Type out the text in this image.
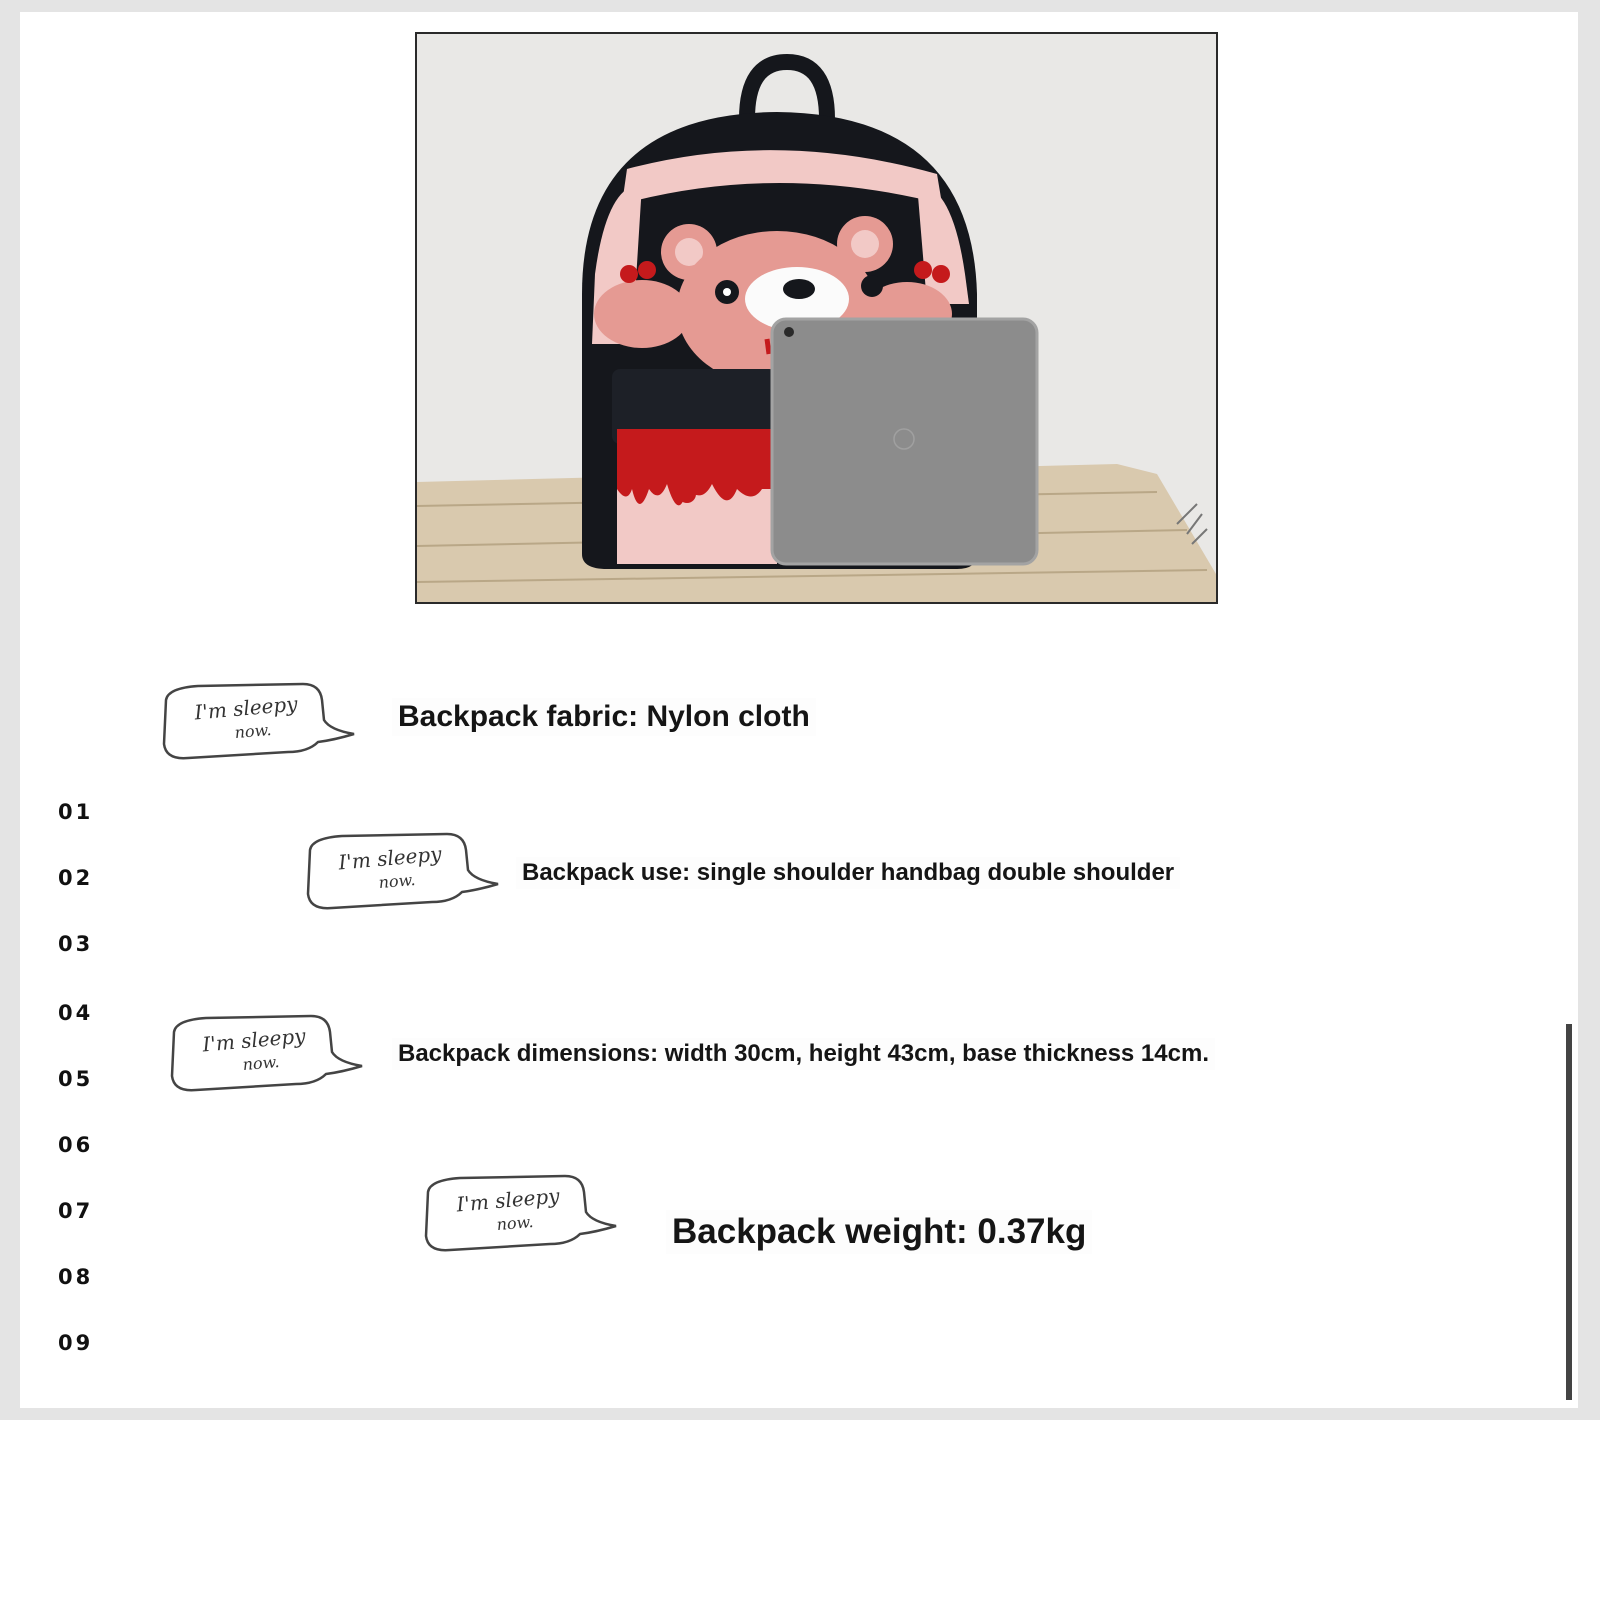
01
02
03
04
05
06
07
08
09
I'm sleepy
now.	Backpack fabric: Nylon cloth
I'm sleepy
now.	Backpack use: single shoulder handbag double shoulder
I'm sleepy
now.	Backpack dimensions: width 30cm, height 43cm, base thickness 14cm.
I'm sleepy
now.	Backpack weight: 0.37kg
